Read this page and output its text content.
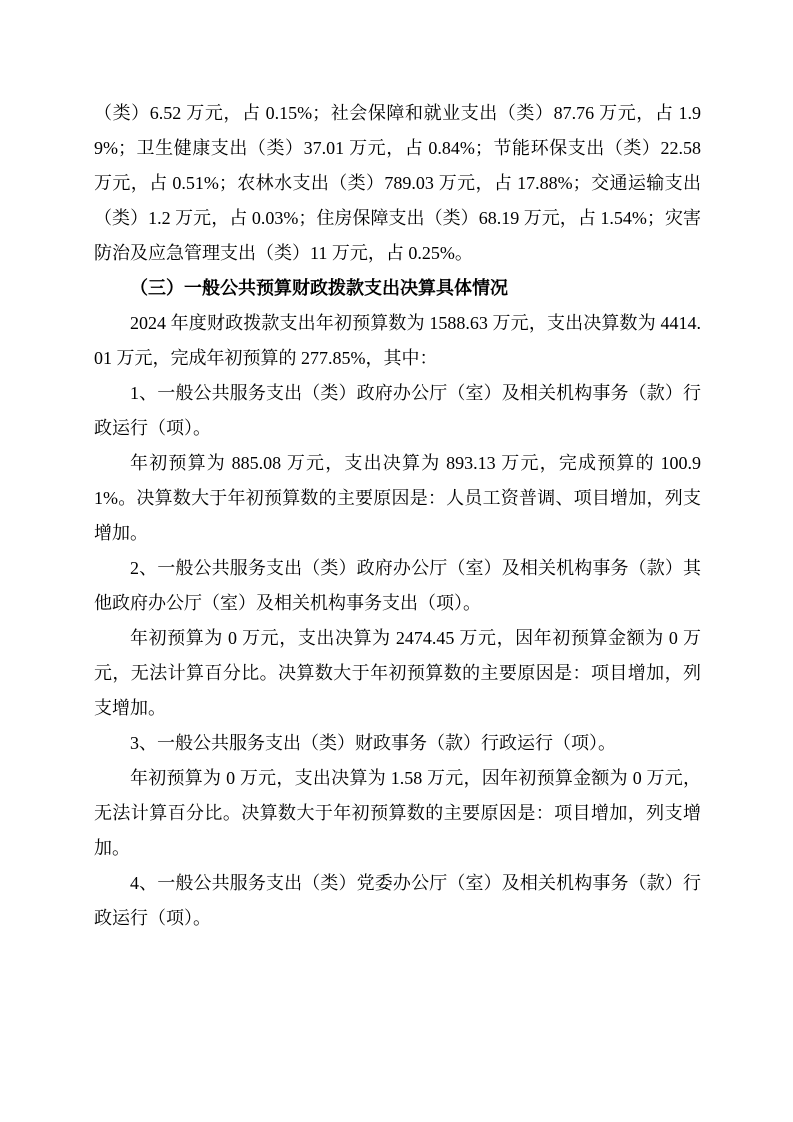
（类）6.52 万元，占 0.15%；社会保障和就业支出（类）87.76 万元，占 1.99%；卫生健康支出（类）37.01 万元，占 0.84%；节能环保支出（类）22.58 万元，占 0.51%；农林水支出（类）789.03 万元，占 17.88%；交通运输支出（类）1.2 万元，占 0.03%；住房保障支出（类）68.19 万元，占 1.54%；灾害防治及应急管理支出（类）11 万元，占 0.25%。

（三）一般公共预算财政拨款支出决算具体情况

2024 年度财政拨款支出年初预算数为 1588.63 万元，支出决算数为 4414.01 万元，完成年初预算的 277.85%，其中：

1、一般公共服务支出（类）政府办公厅（室）及相关机构事务（款）行政运行（项）。

年初预算为 885.08 万元，支出决算为 893.13 万元，完成预算的 100.91%。决算数大于年初预算数的主要原因是：人员工资普调、项目增加，列支增加。

2、一般公共服务支出（类）政府办公厅（室）及相关机构事务（款）其他政府办公厅（室）及相关机构事务支出（项）。

年初预算为 0 万元，支出决算为 2474.45 万元，因年初预算金额为 0 万元，无法计算百分比。决算数大于年初预算数的主要原因是：项目增加，列支增加。

3、一般公共服务支出（类）财政事务（款）行政运行（项）。

年初预算为 0 万元，支出决算为 1.58 万元，因年初预算金额为 0 万元，无法计算百分比。决算数大于年初预算数的主要原因是：项目增加，列支增加。

4、一般公共服务支出（类）党委办公厅（室）及相关机构事务（款）行政运行（项）。
